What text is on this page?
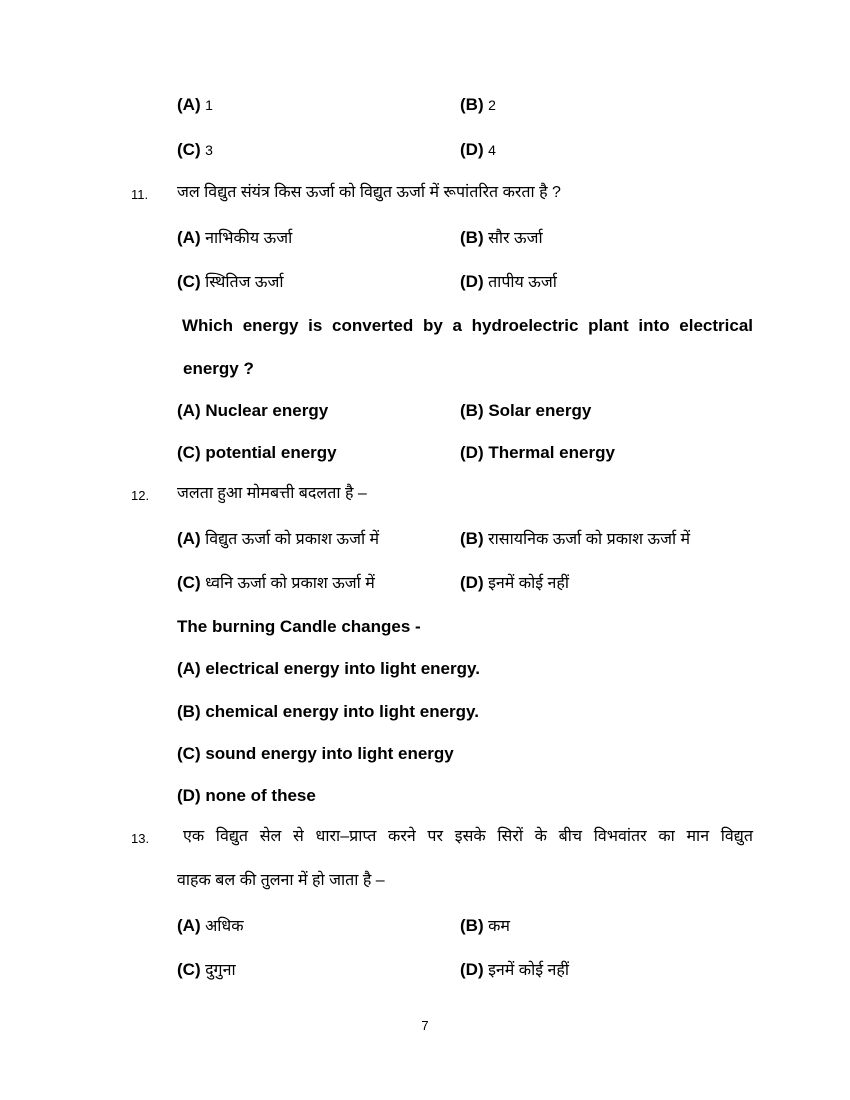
(A) 1	(B) 2
(C) 3	(D) 4
11. जल विद्युत संयंत्र किस ऊर्जा को विद्युत ऊर्जा में रूपांतरित करता है ?
(A) नाभिकीय ऊर्जा	(B) सौर ऊर्जा
(C) स्थितिज ऊर्जा	(D) तापीय ऊर्जा
Which energy is converted by a hydroelectric plant into electrical
energy ?
(A) Nuclear energy	(B) Solar energy
(C) potential energy	(D) Thermal energy
12. जलता हुआ मोमबत्ती बदलता है –
(A) विद्युत ऊर्जा को प्रकाश ऊर्जा में	(B) रासायनिक ऊर्जा को प्रकाश ऊर्जा में
(C) ध्वनि ऊर्जा को प्रकाश ऊर्जा में	(D) इनमें कोई नहीं
The burning Candle changes -
(A) electrical energy into light energy.
(B) chemical energy into light energy.
(C) sound energy into light energy
(D) none of these
13. एक विद्युत सेल से धारा–प्राप्त करने पर इसके सिरों के बीच विभवांतर का मान विद्युत
वाहक बल की तुलना में हो जाता है –
(A) अधिक	(B) कम
(C) दुगुना	(D) इनमें कोई नहीं
7
